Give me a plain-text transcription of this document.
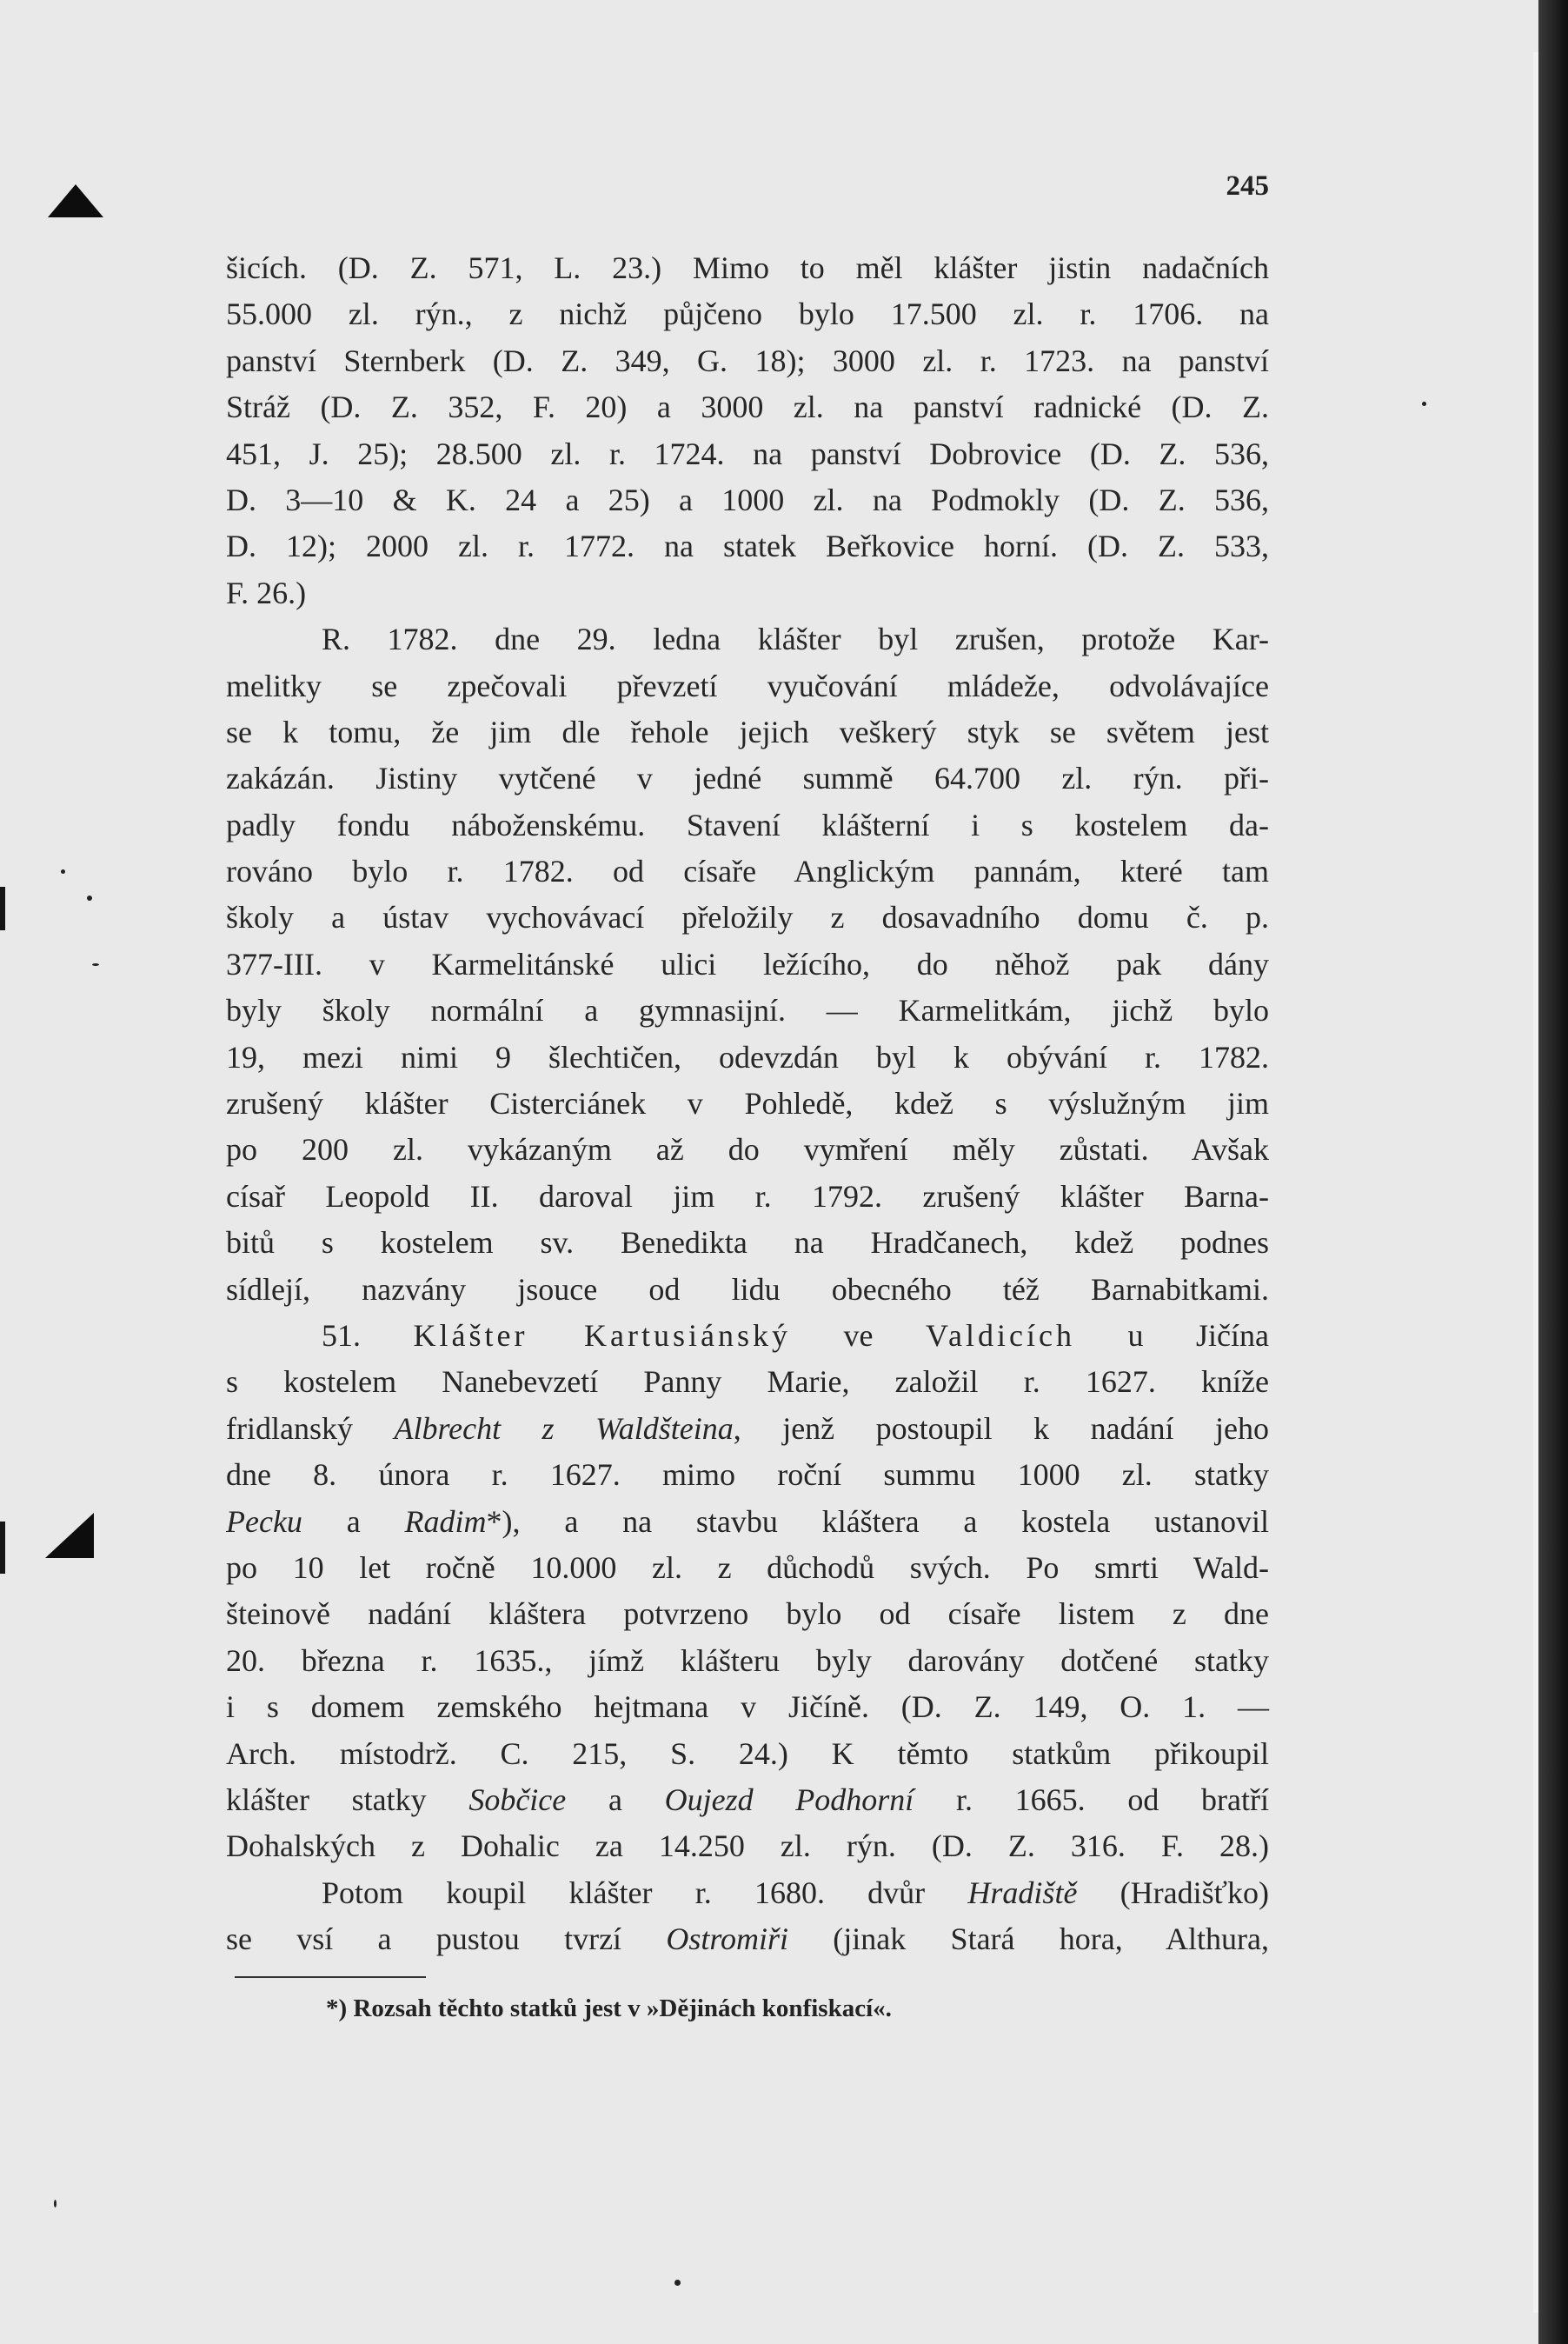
245
šicích. (D. Z. 571, L. 23.) Mimo to měl klášter jistin nadačních
55.000 zl. rýn., z nichž půjčeno bylo 17.500 zl. r. 1706. na
panství Sternberk (D. Z. 349, G. 18); 3000 zl. r. 1723. na panství
Stráž (D. Z. 352, F. 20) a 3000 zl. na panství radnické (D. Z.
451, J. 25); 28.500 zl. r. 1724. na panství Dobrovice (D. Z. 536,
D. 3—10 & K. 24 a 25) a 1000 zl. na Podmokly (D. Z. 536,
D. 12); 2000 zl. r. 1772. na statek Beřkovice horní. (D. Z. 533,
F. 26.)
R. 1782. dne 29. ledna klášter byl zrušen, protože Kar-
melitky se zpečovali převzetí vyučování mládeže, odvolávajíce
se k tomu, že jim dle řehole jejich veškerý styk se světem jest
zakázán. Jistiny vytčené v jedné summě 64.700 zl. rýn. při-
padly fondu náboženskému. Stavení klášterní i s kostelem da-
rováno bylo r. 1782. od císaře Anglickým pannám, které tam
školy a ústav vychovávací přeložily z dosavadního domu č. p.
377-III. v Karmelitánské ulici ležícího, do něhož pak dány
byly školy normální a gymnasijní. — Karmelitkám, jichž bylo
19, mezi nimi 9 šlechtičen, odevzdán byl k obývání r. 1782.
zrušený klášter Cisterciánek v Pohledě, kdež s výslužným jim
po 200 zl. vykázaným až do vymření měly zůstati. Avšak
císař Leopold II. daroval jim r. 1792. zrušený klášter Barna-
bitů s kostelem sv. Benedikta na Hradčanech, kdež podnes
sídlejí, nazvány jsouce od lidu obecného též Barnabitkami.
51. Klášter Kartusiánský ve Valdicích u Jičína
s kostelem Nanebevzetí Panny Marie, založil r. 1627. kníže
fridlanský Albrecht z Waldšteina, jenž postoupil k nadání jeho
dne 8. února r. 1627. mimo roční summu 1000 zl. statky
Pecku a Radim*), a na stavbu kláštera a kostela ustanovil
po 10 let ročně 10.000 zl. z důchodů svých. Po smrti Wald-
šteinově nadání kláštera potvrzeno bylo od císaře listem z dne
20. března r. 1635., jímž klášteru byly darovány dotčené statky
i s domem zemského hejtmana v Jičíně. (D. Z. 149, O. 1. —
Arch. místodrž. C. 215, S. 24.) K těmto statkům přikoupil
klášter statky Sobčice a Oujezd Podhorní r. 1665. od bratří
Dohalských z Dohalic za 14.250 zl. rýn. (D. Z. 316. F. 28.)
Potom koupil klášter r. 1680. dvůr Hradiště (Hradišťko)
se vsí a pustou tvrzí Ostromiři (jinak Stará hora, Althura,
*) Rozsah těchto statků jest v »Dějinách konfiskací«.
